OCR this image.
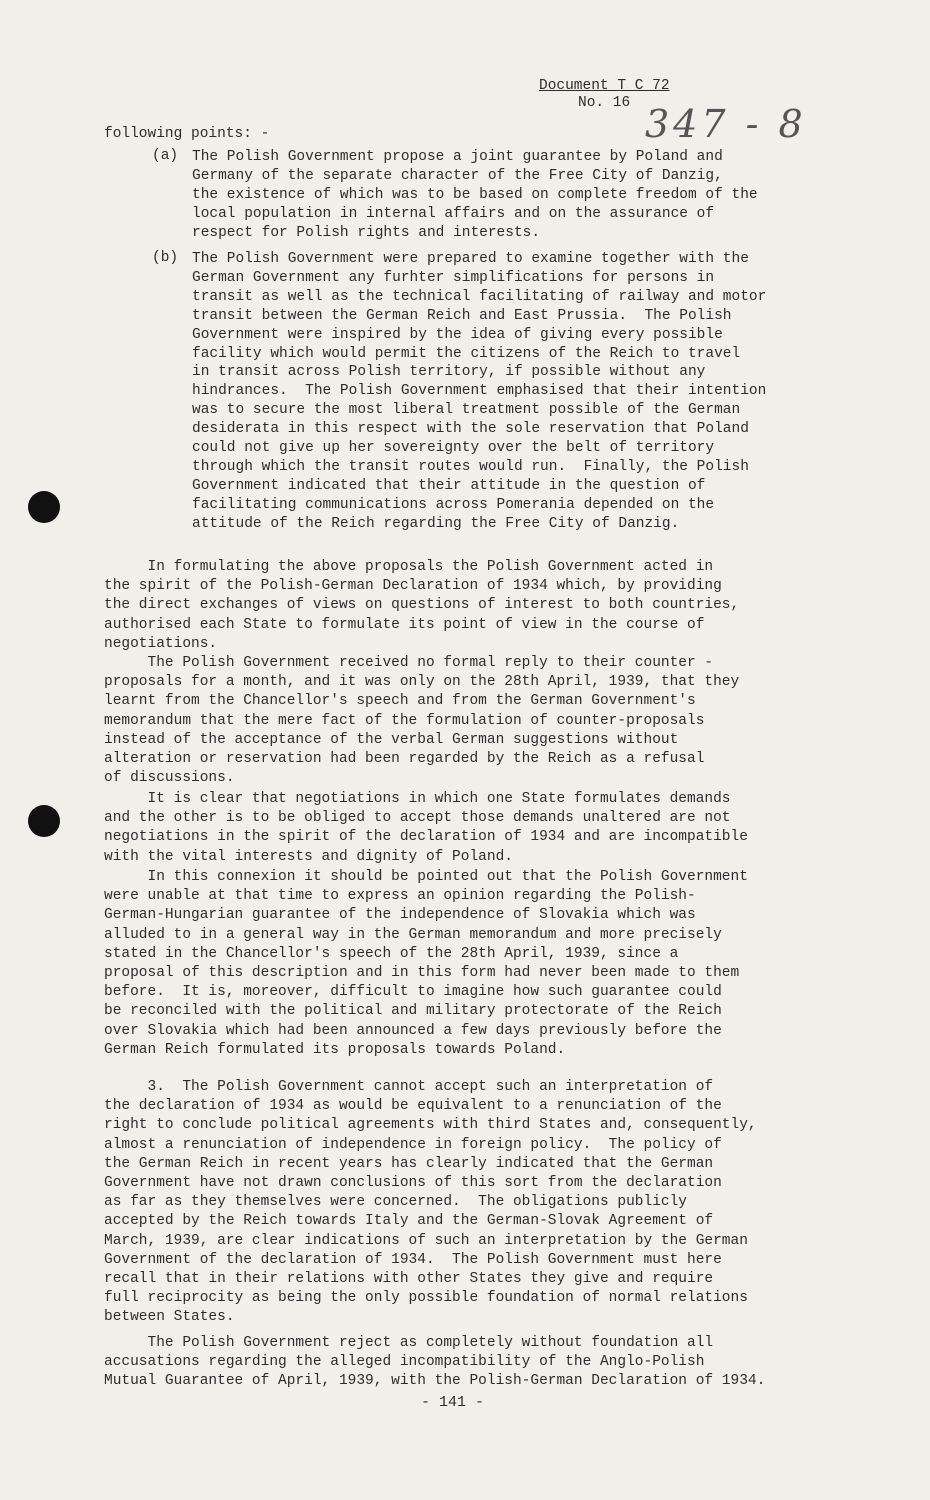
Document T C 72
No. 16 347 - 8
following points: -
(a) The Polish Government propose a joint guarantee by Poland and
Germany of the separate character of the Free City of Danzig,
the existence of which was to be based on complete freedom of the
local population in internal affairs and on the assurance of
respect for Polish rights and interests.
(b) The Polish Government were prepared to examine together with the
German Government any furhter simplifications for persons in
transit as well as the technical facilitating of railway and motor
transit between the German Reich and East Prussia.  The Polish
Government were inspired by the idea of giving every possible
facility which would permit the citizens of the Reich to travel
in transit across Polish territory, if possible without any
hindrances.  The Polish Government emphasised that their intention
was to secure the most liberal treatment possible of the German
desiderata in this respect with the sole reservation that Poland
could not give up her sovereignty over the belt of territory
through which the transit routes would run.  Finally, the Polish
Government indicated that their attitude in the question of
facilitating communications across Pomerania depended on the
attitude of the Reich regarding the Free City of Danzig.
In formulating the above proposals the Polish Government acted in
the spirit of the Polish-German Declaration of 1934 which, by providing
the direct exchanges of views on questions of interest to both countries,
authorised each State to formulate its point of view in the course of
negotiations.
The Polish Government received no formal reply to their counter -
proposals for a month, and it was only on the 28th April, 1939, that they
learnt from the Chancellor's speech and from the German Government's
memorandum that the mere fact of the formulation of counter-proposals
instead of the acceptance of the verbal German suggestions without
alteration or reservation had been regarded by the Reich as a refusal
of discussions.
It is clear that negotiations in which one State formulates demands
and the other is to be obliged to accept those demands unaltered are not
negotiations in the spirit of the declaration of 1934 and are incompatible
with the vital interests and dignity of Poland.
In this connexion it should be pointed out that the Polish Government
were unable at that time to express an opinion regarding the Polish-
German-Hungarian guarantee of the independence of Slovakia which was
alluded to in a general way in the German memorandum and more precisely
stated in the Chancellor's speech of the 28th April, 1939, since a
proposal of this description and in this form had never been made to them
before.  It is, moreover, difficult to imagine how such guarantee could
be reconciled with the political and military protectorate of the Reich
over Slovakia which had been announced a few days previously before the
German Reich formulated its proposals towards Poland.
3.  The Polish Government cannot accept such an interpretation of
the declaration of 1934 as would be equivalent to a renunciation of the
right to conclude political agreements with third States and, consequently,
almost a renunciation of independence in foreign policy.  The policy of
the German Reich in recent years has clearly indicated that the German
Government have not drawn conclusions of this sort from the declaration
as far as they themselves were concerned.  The obligations publicly
accepted by the Reich towards Italy and the German-Slovak Agreement of
March, 1939, are clear indications of such an interpretation by the German
Government of the declaration of 1934.  The Polish Government must here
recall that in their relations with other States they give and require
full reciprocity as being the only possible foundation of normal relations
between States.
The Polish Government reject as completely without foundation all
accusations regarding the alleged incompatibility of the Anglo-Polish
Mutual Guarantee of April, 1939, with the Polish-German Declaration of 1934.
- 141 -
